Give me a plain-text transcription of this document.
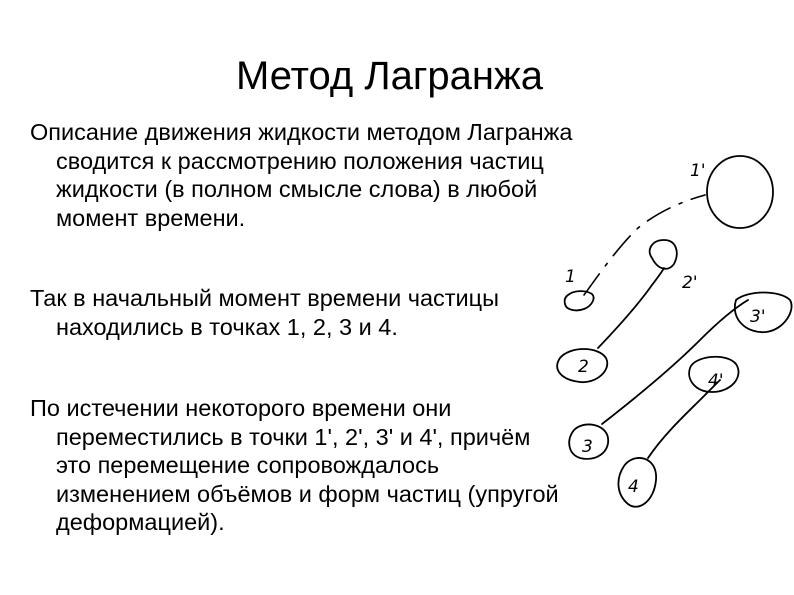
Метод Лагранжа

Описание движения жидкости методом Лагранжа сводится к рассмотрению положения частиц жидкости (в полном смысле слова) в любой момент времени.

Так в начальный момент времени частицы находились в точках 1, 2, 3 и 4.

По истечении некоторого времени они переместились в точки 1', 2', 3' и 4', причём это перемещение сопровождалось изменением объёмов и форм частиц (упругой деформацией).

1
1'
2
2'
3
3'
4
4'
